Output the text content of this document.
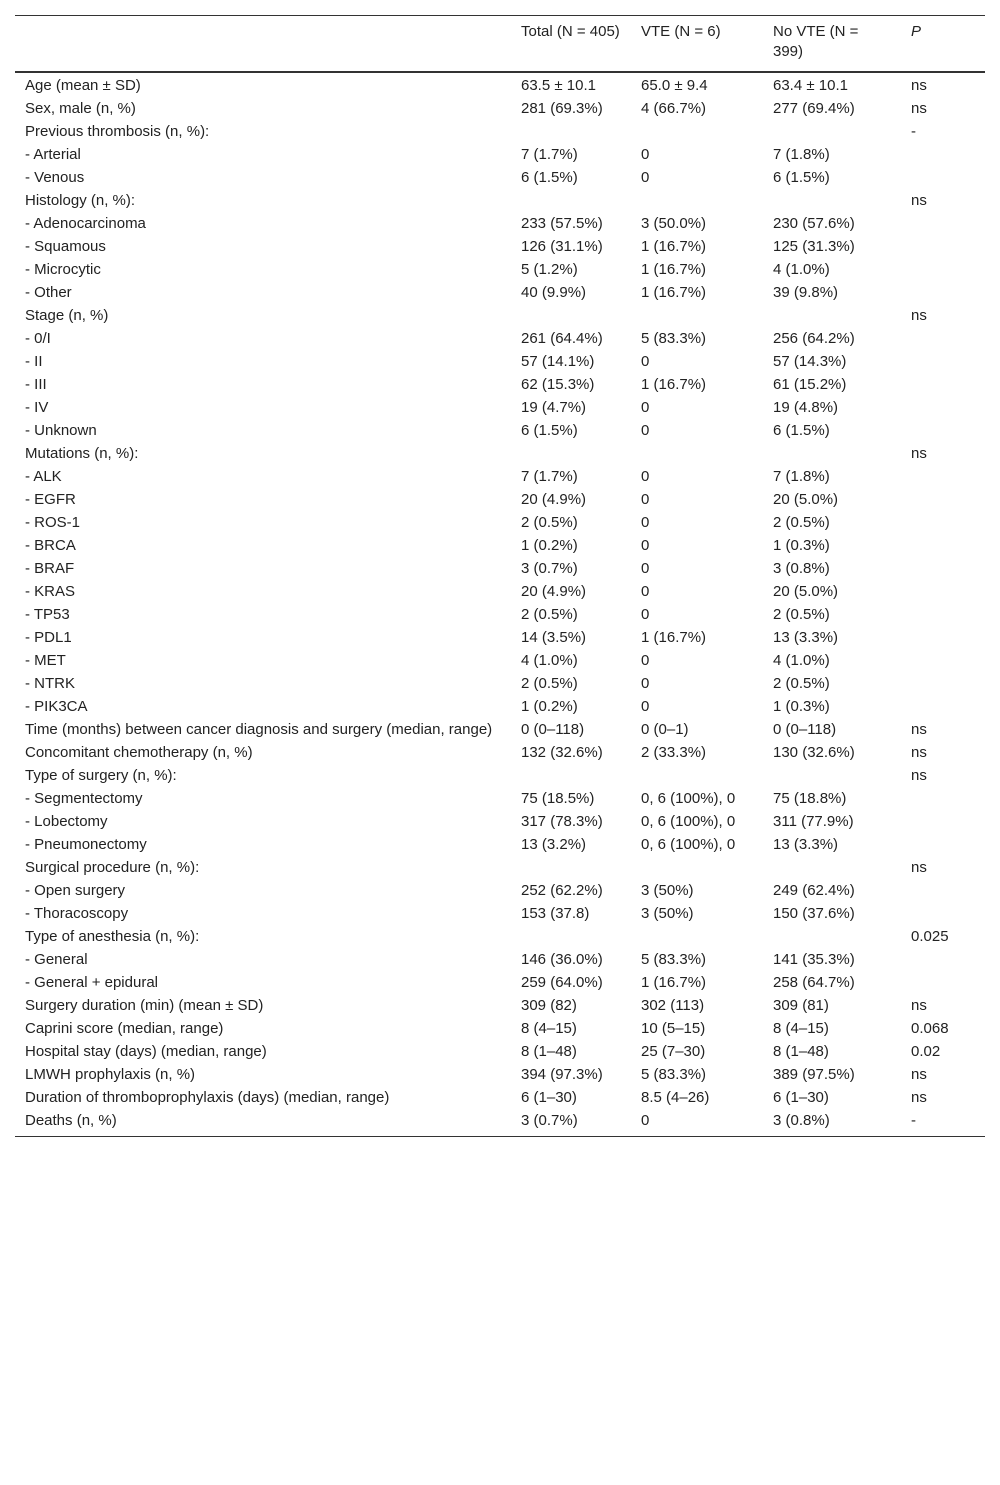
	Total (N = 405)	VTE (N = 6)	No VTE (N = 399)	P
Age (mean ± SD)	63.5 ± 10.1	65.0 ± 9.4	63.4 ± 10.1	ns
Sex, male (n, %)	281 (69.3%)	4 (66.7%)	277 (69.4%)	ns
Previous thrombosis (n, %):				-
- Arterial	7 (1.7%)	0	7 (1.8%)	
- Venous	6 (1.5%)	0	6 (1.5%)	
Histology (n, %):				ns
- Adenocarcinoma	233 (57.5%)	3 (50.0%)	230 (57.6%)	
- Squamous	126 (31.1%)	1 (16.7%)	125 (31.3%)	
- Microcytic	5 (1.2%)	1 (16.7%)	4 (1.0%)	
- Other	40 (9.9%)	1 (16.7%)	39 (9.8%)	
Stage (n, %)				ns
- 0/I	261 (64.4%)	5 (83.3%)	256 (64.2%)	
- II	57 (14.1%)	0	57 (14.3%)	
- III	62 (15.3%)	1 (16.7%)	61 (15.2%)	
- IV	19 (4.7%)	0	19 (4.8%)	
- Unknown	6 (1.5%)	0	6 (1.5%)	
Mutations (n, %):				ns
- ALK	7 (1.7%)	0	7 (1.8%)	
- EGFR	20 (4.9%)	0	20 (5.0%)	
- ROS-1	2 (0.5%)	0	2 (0.5%)	
- BRCA	1 (0.2%)	0	1 (0.3%)	
- BRAF	3 (0.7%)	0	3 (0.8%)	
- KRAS	20 (4.9%)	0	20 (5.0%)	
- TP53	2 (0.5%)	0	2 (0.5%)	
- PDL1	14 (3.5%)	1 (16.7%)	13 (3.3%)	
- MET	4 (1.0%)	0	4 (1.0%)	
- NTRK	2 (0.5%)	0	2 (0.5%)	
- PIK3CA	1 (0.2%)	0	1 (0.3%)	
Time (months) between cancer diagnosis and surgery (median, range)	0 (0–118)	0 (0–1)	0 (0–118)	ns
Concomitant chemotherapy (n, %)	132 (32.6%)	2 (33.3%)	130 (32.6%)	ns
Type of surgery (n, %):				ns
- Segmentectomy	75 (18.5%)	0, 6 (100%), 0	75 (18.8%)	
- Lobectomy	317 (78.3%)	0, 6 (100%), 0	311 (77.9%)	
- Pneumonectomy	13 (3.2%)	0, 6 (100%), 0	13 (3.3%)	
Surgical procedure (n, %):				ns
- Open surgery	252 (62.2%)	3 (50%)	249 (62.4%)	
- Thoracoscopy	153 (37.8)	3 (50%)	150 (37.6%)	
Type of anesthesia (n, %):				0.025
- General	146 (36.0%)	5 (83.3%)	141 (35.3%)	
- General + epidural	259 (64.0%)	1 (16.7%)	258 (64.7%)	
Surgery duration (min) (mean ± SD)	309 (82)	302 (113)	309 (81)	ns
Caprini score (median, range)	8 (4–15)	10 (5–15)	8 (4–15)	0.068
Hospital stay (days) (median, range)	8 (1–48)	25 (7–30)	8 (1–48)	0.02
LMWH prophylaxis (n, %)	394 (97.3%)	5 (83.3%)	389 (97.5%)	ns
Duration of thromboprophylaxis (days) (median, range)	6 (1–30)	8.5 (4–26)	6 (1–30)	ns
Deaths (n, %)	3 (0.7%)	0	3 (0.8%)	-
